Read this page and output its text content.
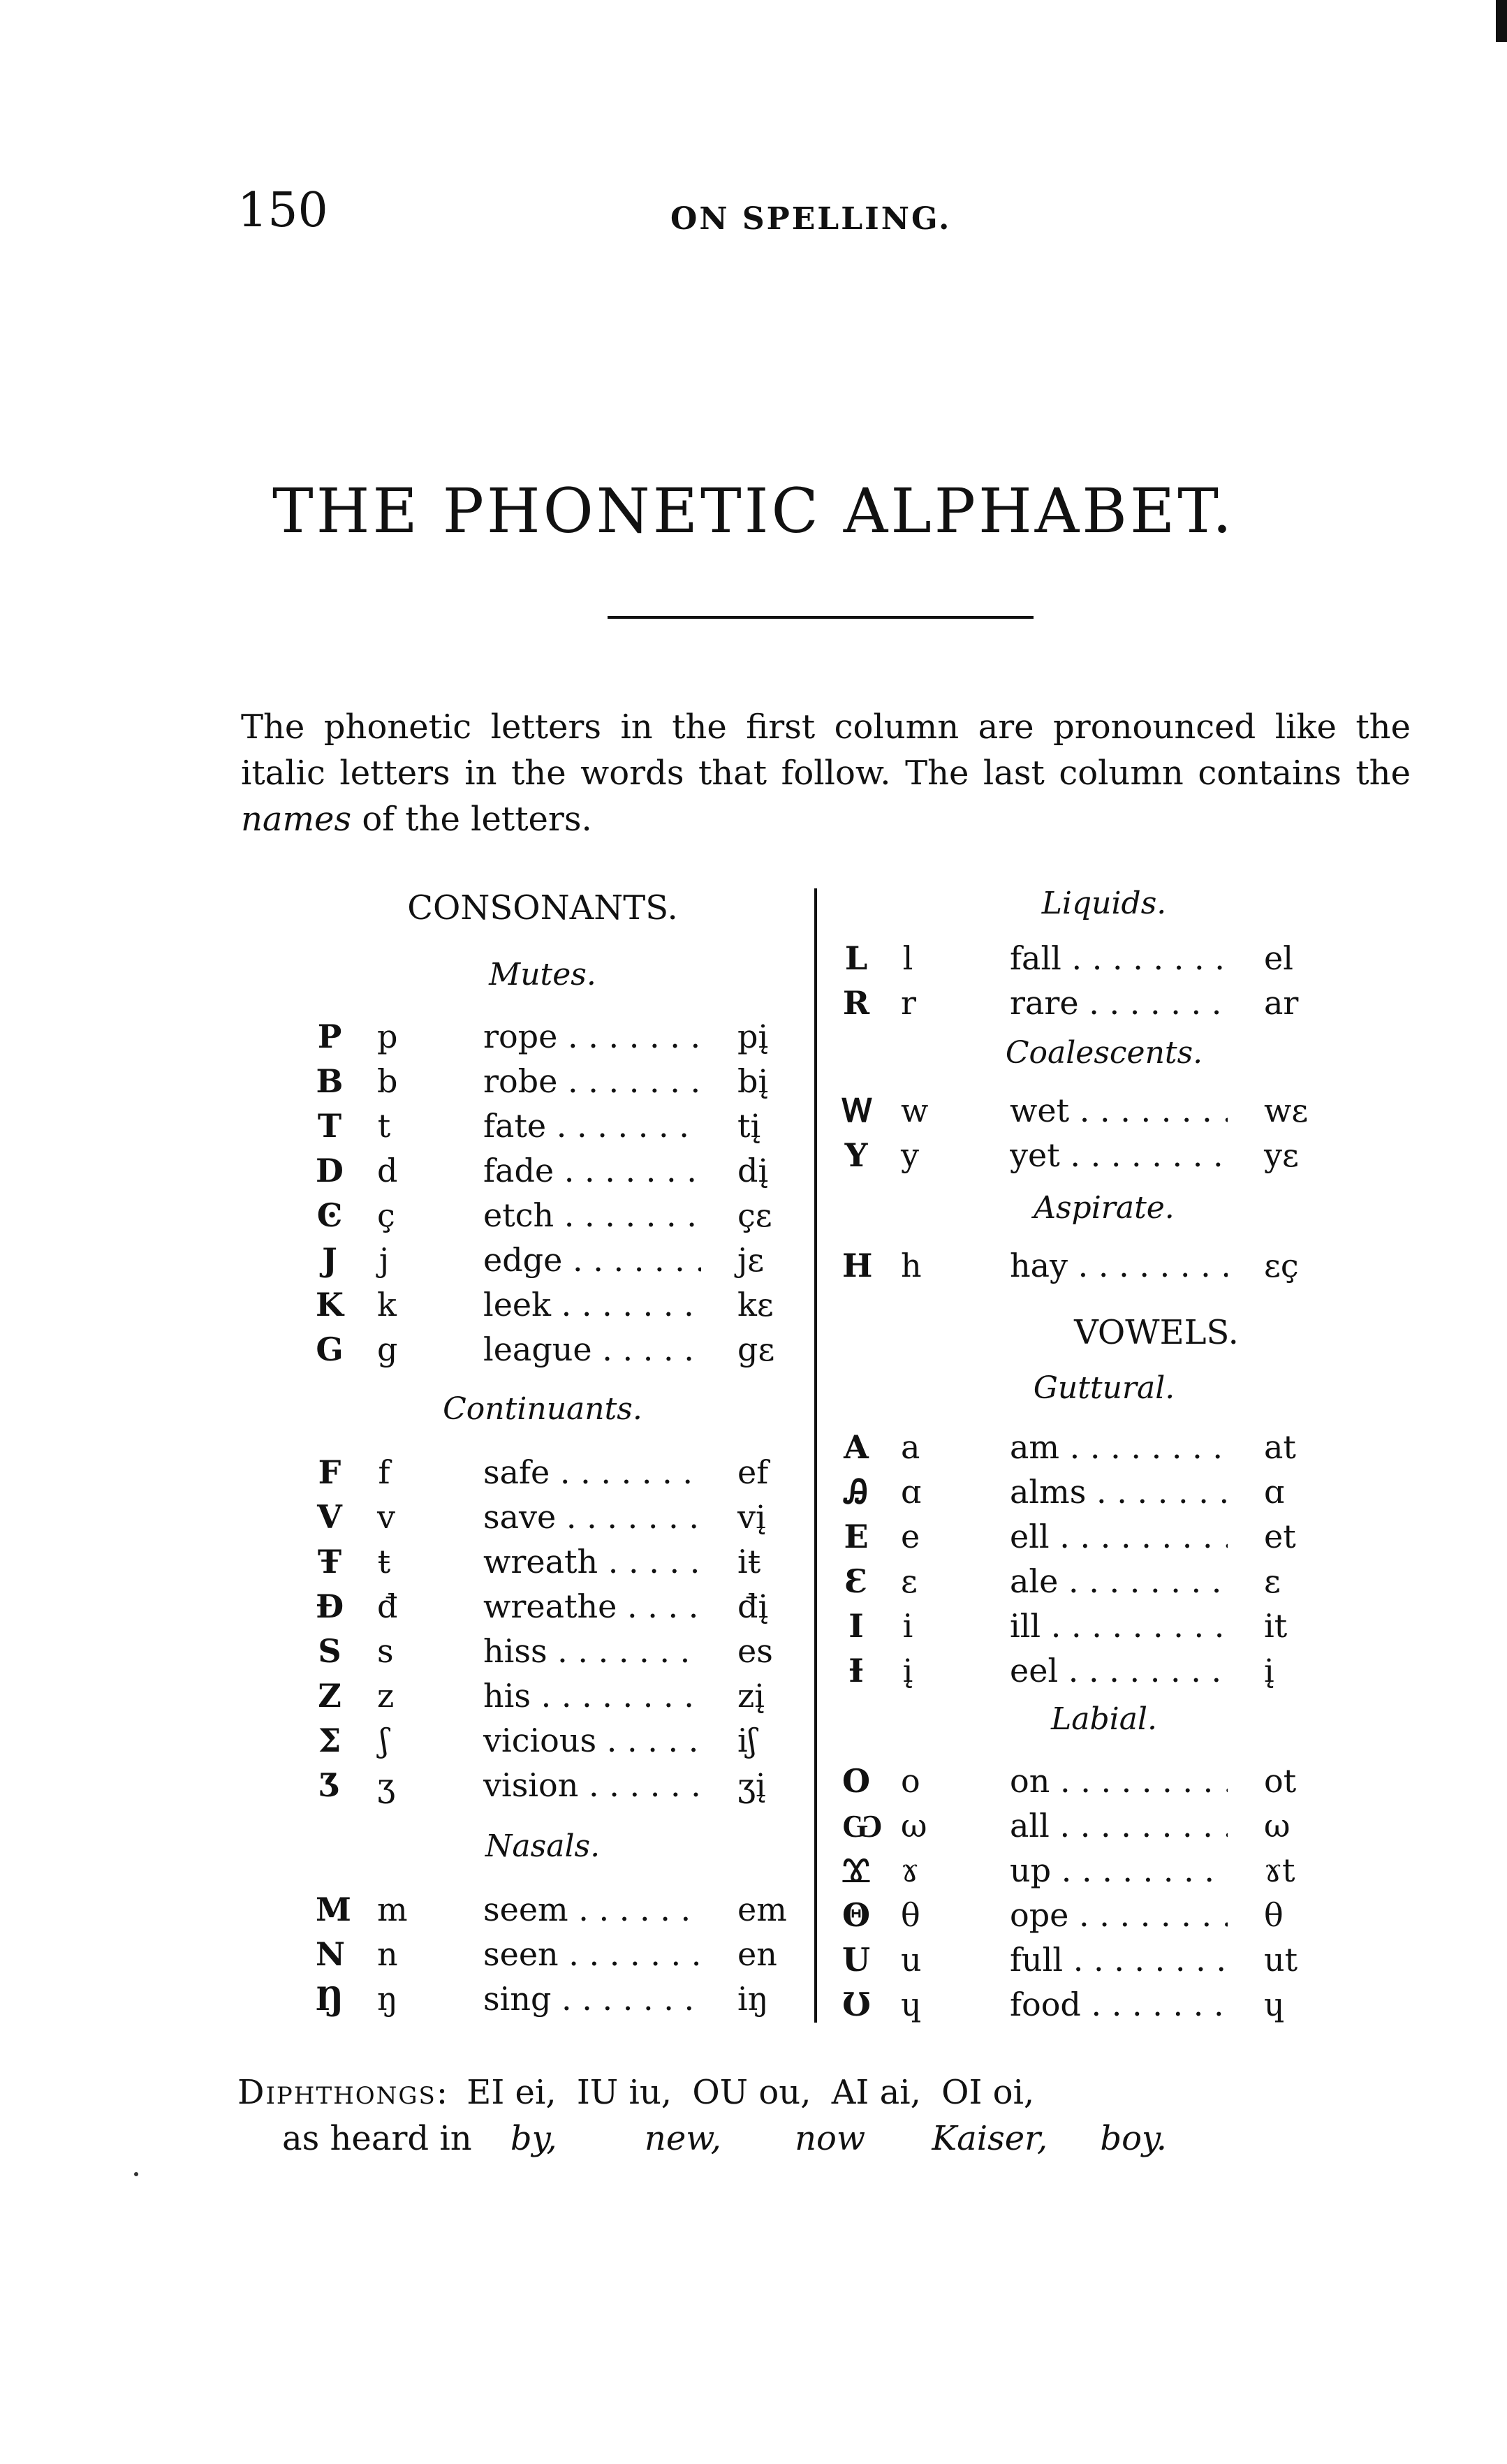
150	ON SPELLING.
THE PHONETIC ALPHABET.
The phonetic letters in the first column are pronounced like the italic letters in the words that follow. The last column contains the names of the letters.
CONSONANTS.
Mutes.
P p	rope . . .	pį
B b	robe . . .	bį
T t	fate . . .	tį
D d	fade . . .	dį
Ͼ ç	etch . . .	çɛ
J j	edge . . .	jɛ
K k	leek . . .	kɛ
G g	league . . .	gɛ
Continuants.
F f	safe . . .	ef
V v	save . . .	vį
Ŧ ŧ	wreath . . .	iŧ
Ɖ đ	wreathe . . .	đį
S s	hiss . . .	es
Z z	his . . .	zį
Σ ʃ	vicious . . .	iʃ
Ʒ ʒ	vision . . .	ʒį
Nasals.
M m seem . . .	em
N n	seen . . .	en
Ŋ ŋ	sing . . .	iŋ
Liquids.
L l	fall . . .	el
R r	rare . . .	ar
Coalescents.
Ꮃ w	wet . . .	wɛ
Y y	yet . . .	yɛ
Aspirate.
H h	hay . . .	ɛç
VOWELS.
Guttural.
A a	am . . .	at
Ꭿ ɑ	alms . . .	ɑ
E e	ell . . .	et
Ɛ ɛ	ale . . .	ɛ
I i	ill . . .	it
Ɨ į	eel . . .	į
Labial.
O o	on . . .	ot
Ѡ ω	all . . .	ω
Ɤ ɤ	up . . .	ɤt
Θ θ	ope . . .	θ
U u	full . . .	ut
Ʊ ɥ	food . . .	ɥ
Diphthongs: EI ei, IU iu, OU ou, AI ai, OI oi,
as heard in by,	new, now Kaiser, boy.
